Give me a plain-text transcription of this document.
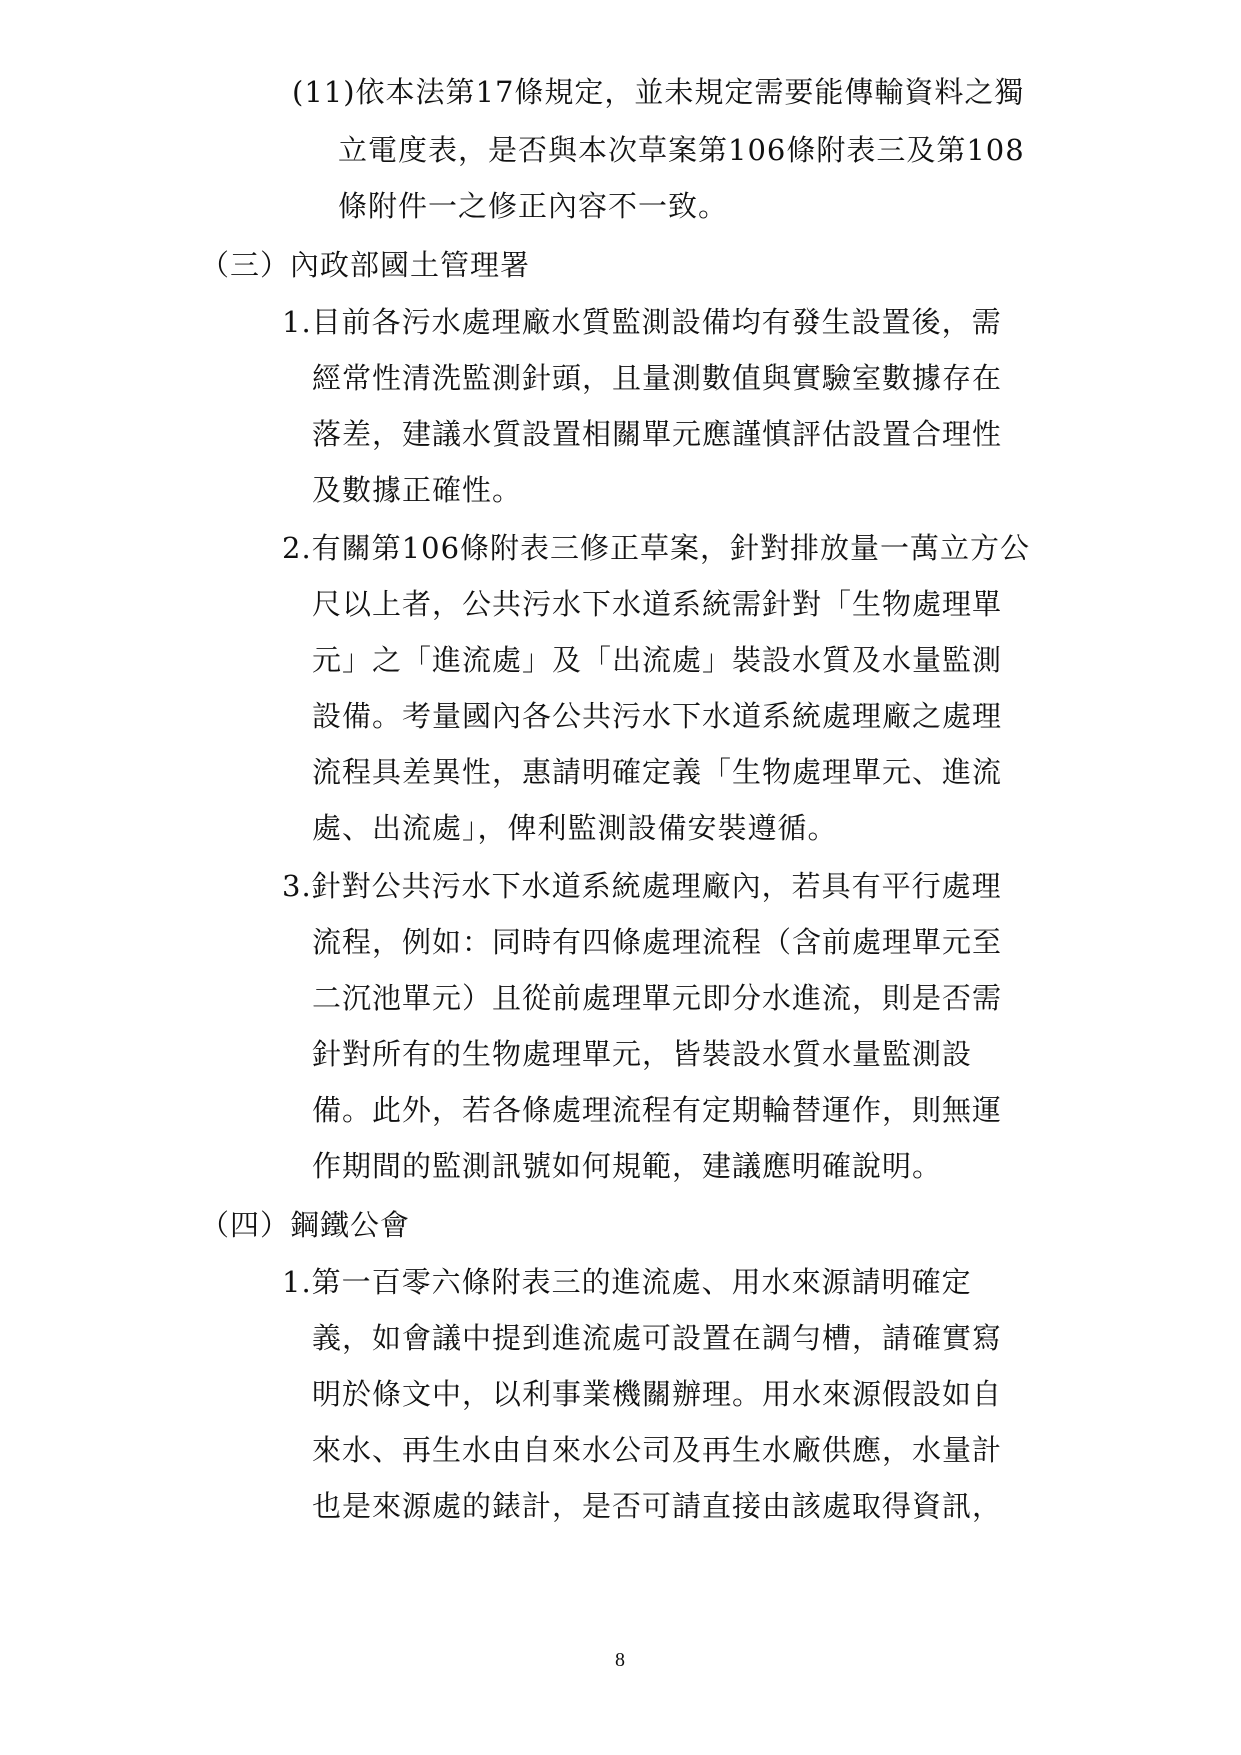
(11)依本法第17條規定，並未規定需要能傳輸資料之獨
立電度表，是否與本次草案第106條附表三及第108
條附件一之修正內容不一致。
（三）內政部國土管理署
1.目前各污水處理廠水質監測設備均有發生設置後，需
經常性清洗監測針頭，且量測數值與實驗室數據存在
落差，建議水質設置相關單元應謹慎評估設置合理性
及數據正確性。
2.有關第106條附表三修正草案，針對排放量一萬立方公
尺以上者，公共污水下水道系統需針對「生物處理單
元」之「進流處」及「出流處」裝設水質及水量監測
設備。考量國內各公共污水下水道系統處理廠之處理
流程具差異性，惠請明確定義「生物處理單元、進流
處、出流處」，俾利監測設備安裝遵循。
3.針對公共污水下水道系統處理廠內，若具有平行處理
流程，例如：同時有四條處理流程（含前處理單元至
二沉池單元）且從前處理單元即分水進流，則是否需
針對所有的生物處理單元，皆裝設水質水量監測設
備。此外，若各條處理流程有定期輪替運作，則無運
作期間的監測訊號如何規範，建議應明確說明。
（四）鋼鐵公會
1.第一百零六條附表三的進流處、用水來源請明確定
義，如會議中提到進流處可設置在調勻槽，請確實寫
明於條文中，以利事業機關辦理。用水來源假設如自
來水、再生水由自來水公司及再生水廠供應，水量計
也是來源處的錶計，是否可請直接由該處取得資訊，
8
